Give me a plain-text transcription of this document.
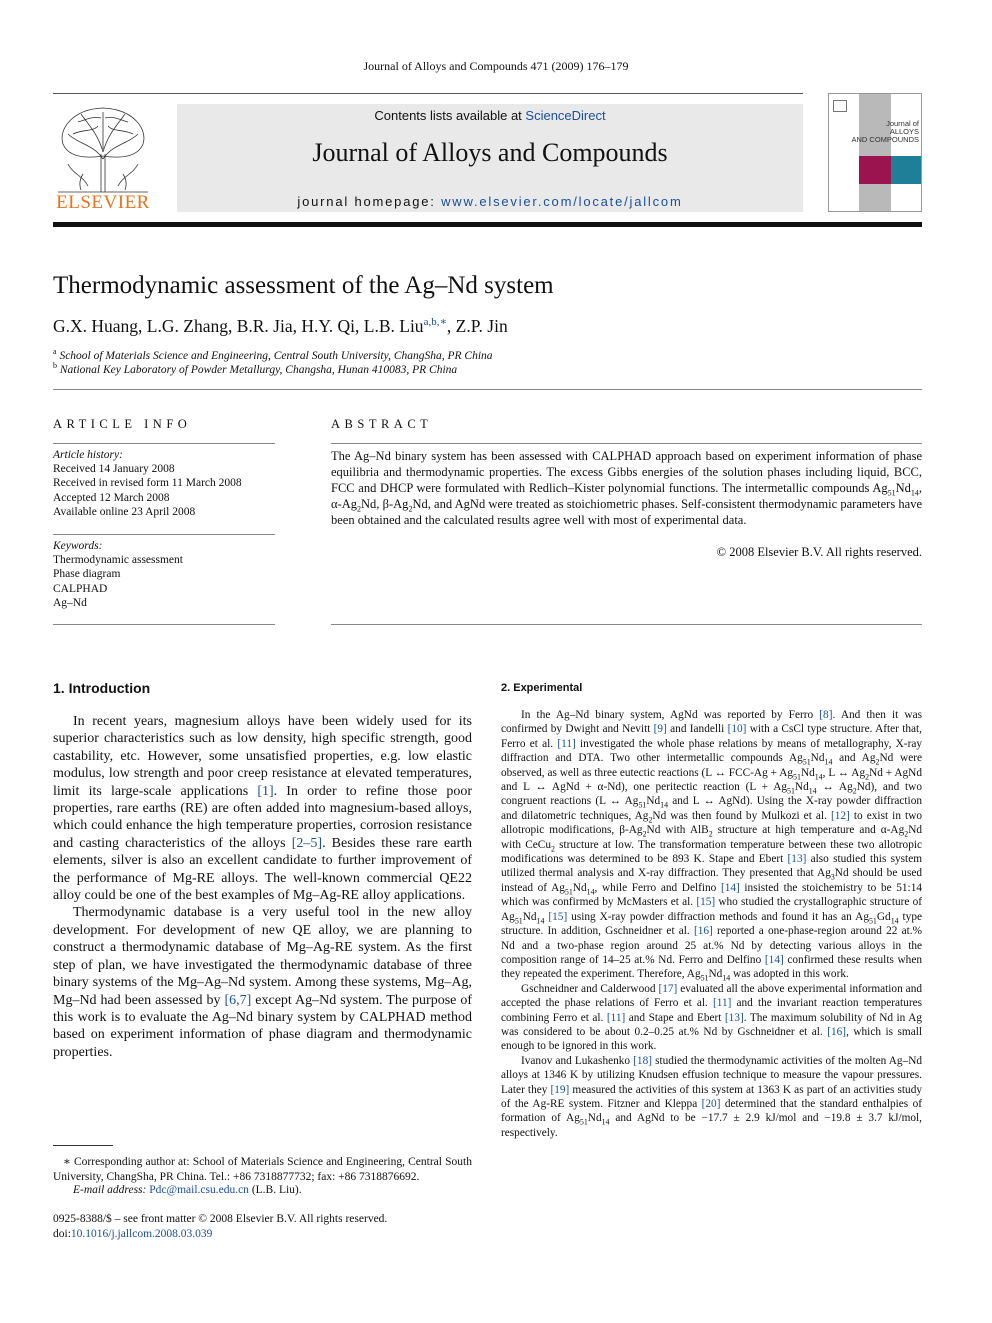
Journal of Alloys and Compounds 471 (2009) 176–179
ELSEVIER
Contents lists available at ScienceDirect
Journal of Alloys and Compounds
journal homepage: www.elsevier.com/locate/jallcom
Journal of
ALLOYS
AND COMPOUNDS
Thermodynamic assessment of the Ag–Nd system
G.X. Huang, L.G. Zhang, B.R. Jia, H.Y. Qi, L.B. Liu$^{a,b,∗}$, Z.P. Jin
$^a$ School of Materials Science and Engineering, Central South University, ChangSha, PR China
$^b$ National Key Laboratory of Powder Metallurgy, Changsha, Hunan 410083, PR China
ARTICLE INFO
Article history:
Received 14 January 2008
Received in revised form 11 March 2008
Accepted 12 March 2008
Available online 23 April 2008
Keywords:
Thermodynamic assessment
Phase diagram
CALPHAD
Ag–Nd
ABSTRACT
The Ag–Nd binary system has been assessed with CALPHAD approach based on experiment information of phase equilibria and thermodynamic properties. The excess Gibbs energies of the solution phases including liquid, BCC, FCC and DHCP were formulated with Redlich–Kister polynomial functions. The intermetallic compounds $Ag_{51}Nd_{14}$, $\alpha-Ag_2Nd$, $\beta-Ag_2Nd$, and AgNd were treated as stoichiometric phases. Self-consistent thermodynamic parameters have been obtained and the calculated results agree well with most of experimental data.
© 2008 Elsevier B.V. All rights reserved.
1. Introduction	2. Experimental

In recent years, magnesium alloys have been widely used for its superior characteristics such as low density, high specific strength, good castability, etc. However, some unsatisfied properties, e.g. low elastic modulus, low strength and poor creep resistance at elevated temperatures, limit its large-scale applications [1]. In order to refine those poor properties, rare earths (RE) are often added into magnesium-based alloys, which could enhance the high temperature properties, corrosion resistance and casting characteristics of the alloys [2–5]. Besides these rare earth elements, silver is also an excellent candidate to further improvement of the performance of Mg-RE alloys. The well-known commercial QE22 alloy could be one of the best examples of Mg–Ag-RE alloy applications.

Thermodynamic database is a very useful tool in the new alloy development. For development of new QE alloy, we are planning to construct a thermodynamic database of Mg–Ag-RE system. As the first step of plan, we have investigated the thermodynamic database of three binary systems of the Mg–Ag–Nd system. Among these systems, Mg–Ag, Mg–Nd had been assessed by [6,7] except Ag–Nd system. The purpose of this work is to evaluate the Ag–Nd binary system by CALPHAD method based on experiment information of phase diagram and thermodynamic properties.

In the Ag–Nd binary system, AgNd was reported by Ferro [8]. And then it was confirmed by Dwight and Nevitt [9] and Iandelli [10] with a CsCl type structure. After that, Ferro et al. [11] investigated the whole phase relations by means of metallography, X-ray diffraction and DTA. Two other intermetallic compounds $Ag_{51}Nd_{14}$ and $Ag_2Nd$ were observed, as well as three eutectic reactions (L ↔ $FCC-Ag + Ag_{51}Nd_{14}$, L ↔ $Ag_2Nd$ + AgNd and L ↔ AgNd + α-Nd), one peritectic reaction ($L + Ag_{51}Nd_{14}$ ↔ $Ag_2Nd$), and two congruent reactions (L ↔ $Ag_{51}Nd_{14}$ and L ↔ AgNd). Using the X-ray powder diffraction and dilatometric techniques, $Ag_2Nd$ was then found by Mulkozi et al. [12] to exist in two allotropic modifications, $\beta-Ag_2Nd$ with AlB$_2$ structure at high temperature and $\alpha-Ag_2Nd$ with CeCu$_2$ structure at low. The transformation temperature between these two allotropic modifications was determined to be 893 K. Stape and Ebert [13] also studied this system utilized thermal analysis and X-ray diffraction. They presented that $Ag_3Nd$ should be used instead of $Ag_{51}Nd_{14}$, while Ferro and Delfino [14] insisted the stoichemistry to be 51:14 which was confirmed by McMasters et al. [15] who studied the crystallographic structure of $Ag_{51}Nd_{14}$ [15] using X-ray powder diffraction methods and found it has an $Ag_{51}Gd_{14}$ type structure. In addition, Gschneidner et al. [16] reported a one-phase-region around 22 at.% Nd and a two-phase region around 25 at.% Nd by detecting various alloys in the composition range of 14–25 at.% Nd. Ferro and Delfino [14] confirmed these results when they repeated the experiment. Therefore, $Ag_{51}Nd_{14}$ was adopted in this work.

Gschneidner and Calderwood [17] evaluated all the above experimental information and accepted the phase relations of Ferro et al. [11] and the invariant reaction temperatures combining Ferro et al. [11] and Stape and Ebert [13]. The maximum solubility of Nd in Ag was considered to be about 0.2–0.25 at.% Nd by Gschneidner et al. [16], which is small enough to be ignored in this work.

Ivanov and Lukashenko [18] studied the thermodynamic activities of the molten Ag–Nd alloys at 1346 K by utilizing Knudsen effusion technique to measure the vapour pressures. Later they [19] measured the activities of this system at 1363 K as part of an activities study of the Ag-RE system. Fitzner and Kleppa [20] determined that the standard enthalpies of formation of $Ag_{51}Nd_{14}$ and AgNd to be −17.7 ± 2.9 kJ/mol and −19.8 ± 3.7 kJ/mol, respectively.

∗ Corresponding author at: School of Materials Science and Engineering, Central South University, ChangSha, PR China. Tel.: +86 7318877732; fax: +86 7318876692.
E-mail address: Pdc@mail.csu.edu.cn (L.B. Liu).
0925-8388/$ – see front matter © 2008 Elsevier B.V. All rights reserved.
doi:10.1016/j.jallcom.2008.03.039
